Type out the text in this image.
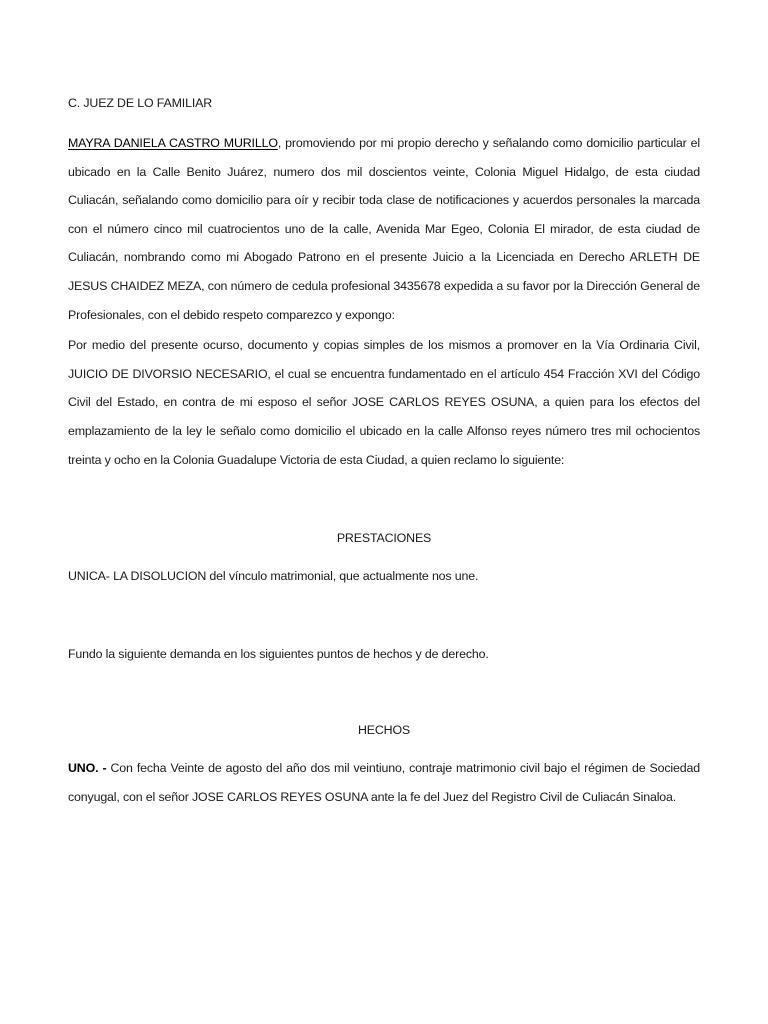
C. JUEZ DE LO FAMILIAR

MAYRA DANIELA CASTRO MURILLO, promoviendo por mi propio derecho y señalando como domicilio particular el ubicado en la Calle Benito Juárez, numero dos mil doscientos veinte, Colonia Miguel Hidalgo, de esta ciudad Culiacán, señalando como domicilio para oír y recibir toda clase de notificaciones y acuerdos personales la marcada con el número cinco mil cuatrocientos uno de la calle, Avenida Mar Egeo, Colonia El mirador, de esta ciudad de Culiacán, nombrando como mi Abogado Patrono en el presente Juicio a la Licenciada en Derecho ARLETH DE JESUS CHAIDEZ MEZA, con número de cedula profesional 3435678 expedida a su favor por la Dirección General de Profesionales, con el debido respeto comparezco y expongo:

Por medio del presente ocurso, documento y copias simples de los mismos a promover en la Vía Ordinaria Civil, JUICIO DE DIVORSIO NECESARIO, el cual se encuentra fundamentado en el artículo 454 Fracción XVI del Código Civil del Estado, en contra de mi esposo el señor JOSE CARLOS REYES OSUNA, a quien para los efectos del emplazamiento de la ley le señalo como domicilio el ubicado en la calle Alfonso reyes número tres mil ochocientos treinta y ocho en la Colonia Guadalupe Victoria de esta Ciudad, a quien reclamo lo siguiente:

PRESTACIONES

UNICA- LA DISOLUCION del vínculo matrimonial, que actualmente nos une.

Fundo la siguiente demanda en los siguientes puntos de hechos y de derecho.

HECHOS

UNO. - Con fecha Veinte de agosto del año dos mil veintiuno, contraje matrimonio civil bajo el régimen de Sociedad conyugal, con el señor JOSE CARLOS REYES OSUNA ante la fe del Juez del Registro Civil de Culiacán Sinaloa.
